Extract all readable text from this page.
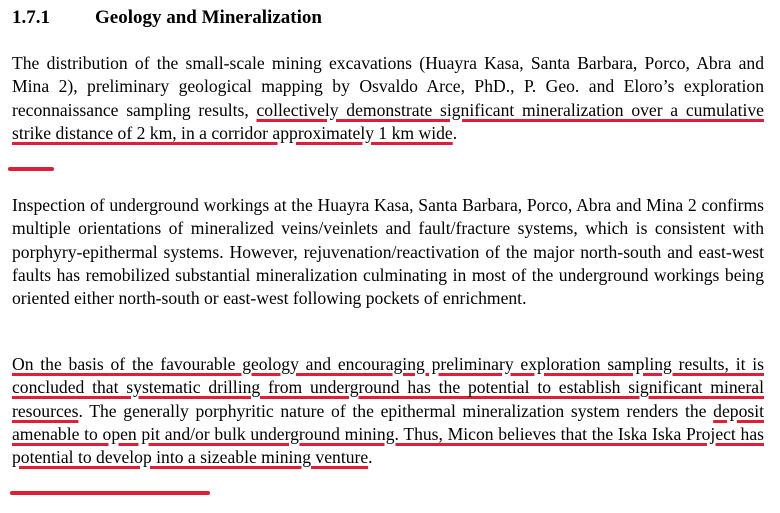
1.7.1 Geology and Mineralization
The distribution of the small-scale mining excavations (Huayra Kasa, Santa Barbara, Porco, Abra and Mina 2), preliminary geological mapping by Osvaldo Arce, PhD., P. Geo. and Eloro’s exploration reconnaissance sampling results, collectively demonstrate significant mineralization over a cumulative strike distance of 2 km, in a corridor approximately 1 km wide.
Inspection of underground workings at the Huayra Kasa, Santa Barbara, Porco, Abra and Mina 2 confirms multiple orientations of mineralized veins/veinlets and fault/fracture systems, which is consistent with porphyry-epithermal systems. However, rejuvenation/reactivation of the major north-south and east-west faults has remobilized substantial mineralization culminating in most of the underground workings being oriented either north-south or east-west following pockets of enrichment.
On the basis of the favourable geology and encouraging preliminary exploration sampling results, it is concluded that systematic drilling from underground has the potential to establish significant mineral resources. The generally porphyritic nature of the epithermal mineralization system renders the deposit amenable to open pit and/or bulk underground mining. Thus, Micon believes that the Iska Iska Project has potential to develop into a sizeable mining venture.
